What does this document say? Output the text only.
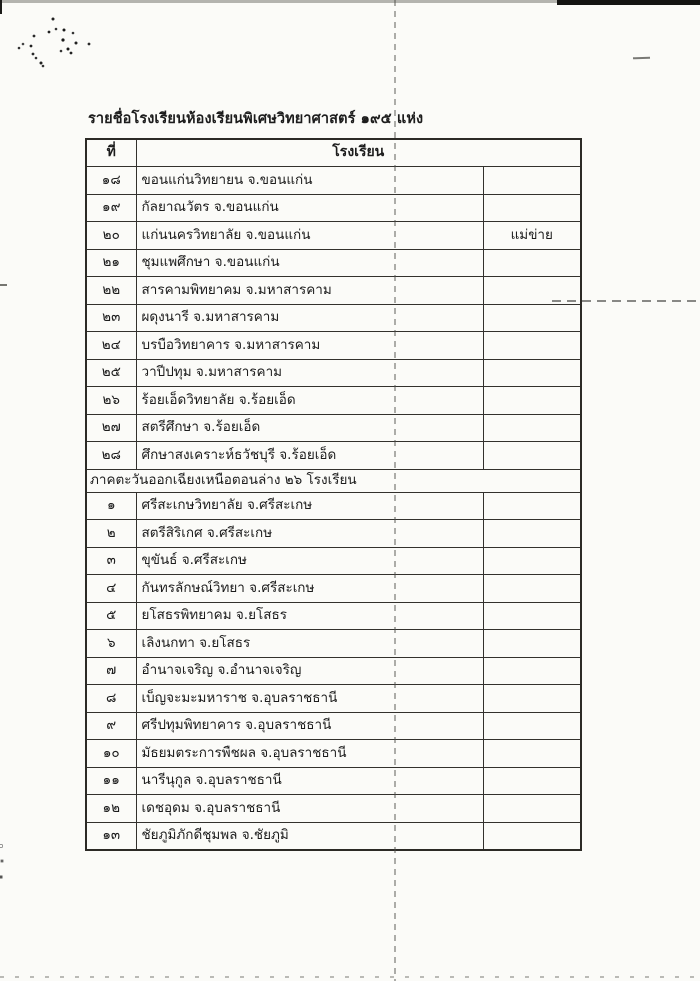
รายชื่อโรงเรียนห้องเรียนพิเศษวิทยาศาสตร์ ๑๙๕ แห่ง
ที่	โรงเรียน	
๑๘	ขอนแก่นวิทยายน จ.ขอนแก่น	
๑๙	กัลยาณวัตร จ.ขอนแก่น	
๒๐	แก่นนครวิทยาลัย จ.ขอนแก่น	แม่ข่าย
๒๑	ชุมแพศึกษา จ.ขอนแก่น	
๒๒	สารคามพิทยาคม จ.มหาสารคาม	
๒๓	ผดุงนารี จ.มหาสารคาม	
๒๔	บรบือวิทยาคาร จ.มหาสารคาม	
๒๕	วาปีปทุม จ.มหาสารคาม	
๒๖	ร้อยเอ็ดวิทยาลัย จ.ร้อยเอ็ด	
๒๗	สตรีศึกษา จ.ร้อยเอ็ด	
๒๘	ศึกษาสงเคราะห์ธวัชบุรี จ.ร้อยเอ็ด	
ภาคตะวันออกเฉียงเหนือตอนล่าง ๒๖ โรงเรียน		
๑	ศรีสะเกษวิทยาลัย จ.ศรีสะเกษ	
๒	สตรีสิริเกศ จ.ศรีสะเกษ	
๓	ขุขันธ์ จ.ศรีสะเกษ	
๔	กันทรลักษณ์วิทยา จ.ศรีสะเกษ	
๕	ยโสธรพิทยาคม จ.ยโสธร	
๖	เลิงนกทา จ.ยโสธร	
๗	อำนาจเจริญ จ.อำนาจเจริญ	
๘	เบ็ญจะมะมหาราช จ.อุบลราชธานี	
๙	ศรีปทุมพิทยาคาร จ.อุบลราชธานี	
๑๐	มัธยมตระการพืชผล จ.อุบลราชธานี	
๑๑	นารีนุกูล จ.อุบลราชธานี	
๑๒	เดชอุดม จ.อุบลราชธานี	
๑๓	ชัยภูมิภักดีชุมพล จ.ชัยภูมิ	
